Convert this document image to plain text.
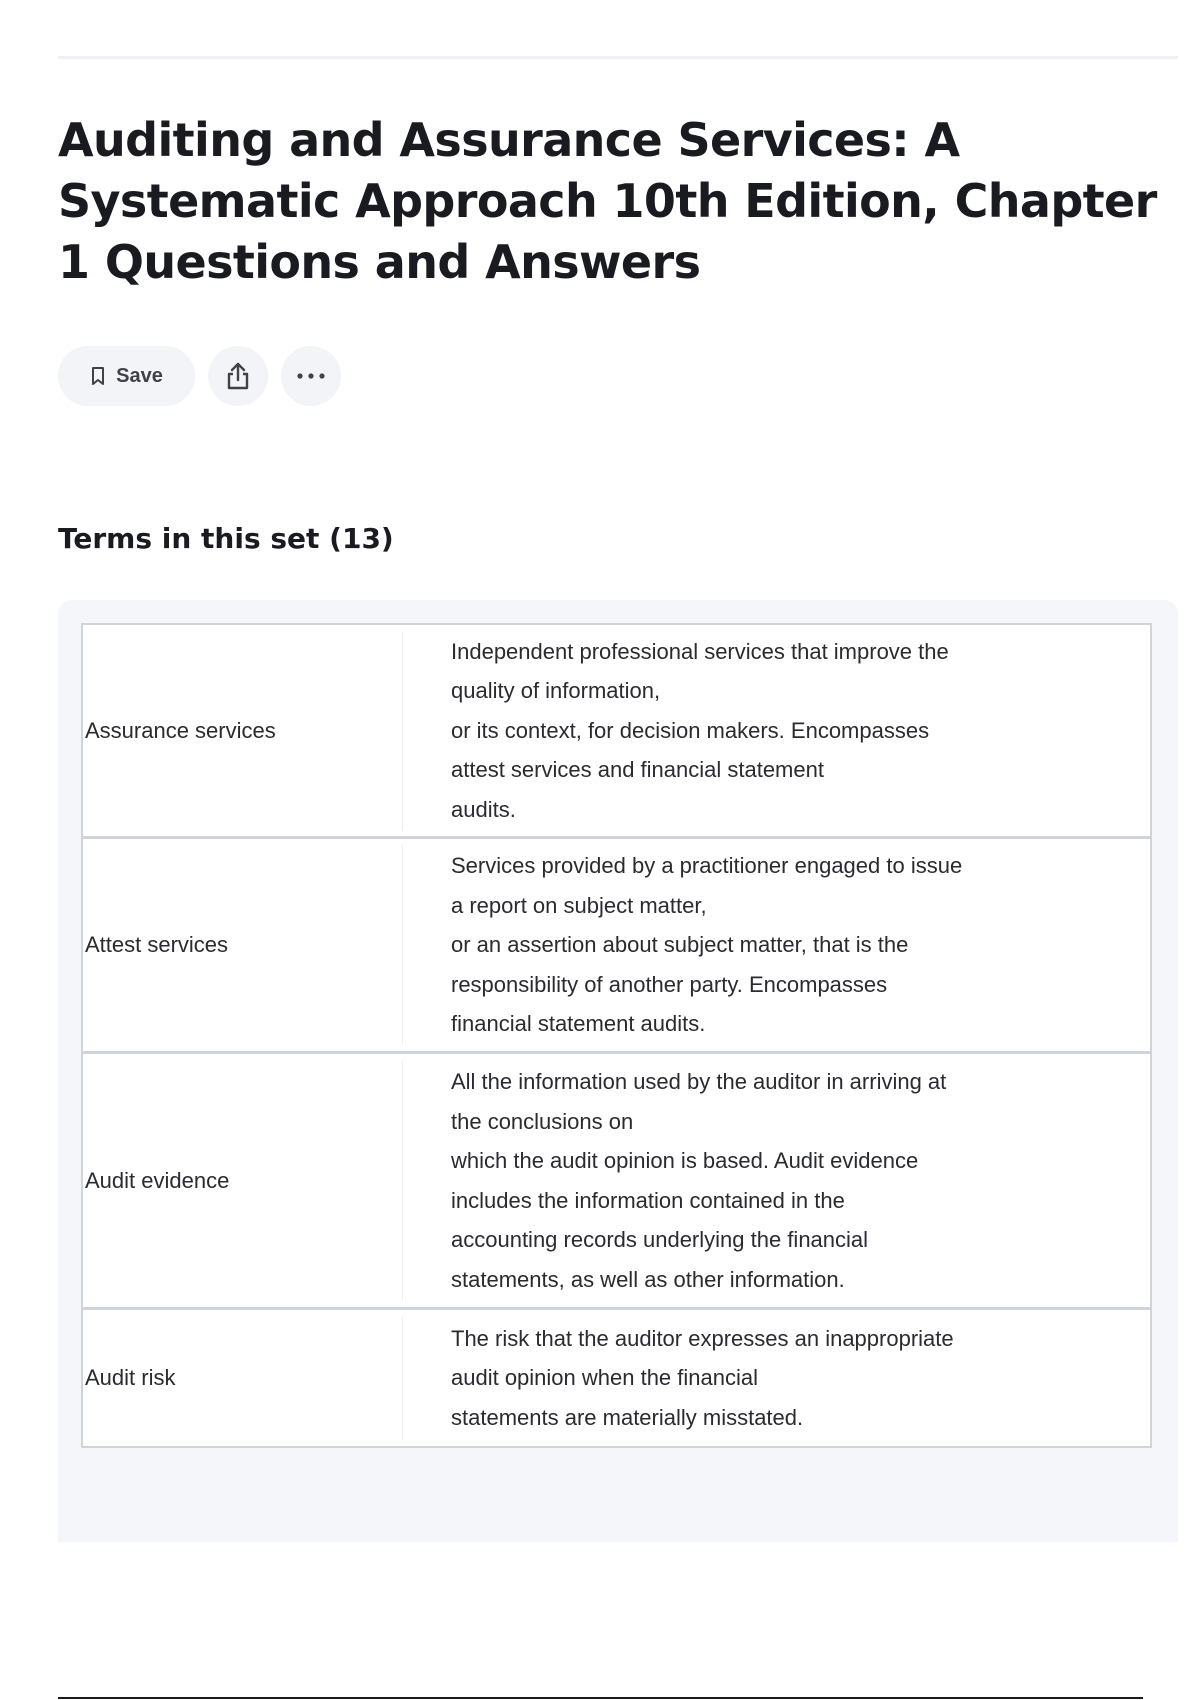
Auditing and Assurance Services: A Systematic Approach 10th Edition, Chapter 1 Questions and Answers
Save
Terms in this set (13)
Assurance services
Independent professional services that improve the
quality of information,
or its context, for decision makers. Encompasses
attest services and financial statement
audits.
Attest services
Services provided by a practitioner engaged to issue
a report on subject matter,
or an assertion about subject matter, that is the
responsibility of another party. Encompasses
financial statement audits.
Audit evidence
All the information used by the auditor in arriving at
the conclusions on
which the audit opinion is based. Audit evidence
includes the information contained in the
accounting records underlying the financial
statements, as well as other information.
Audit risk
The risk that the auditor expresses an inappropriate
audit opinion when the financial
statements are materially misstated.
